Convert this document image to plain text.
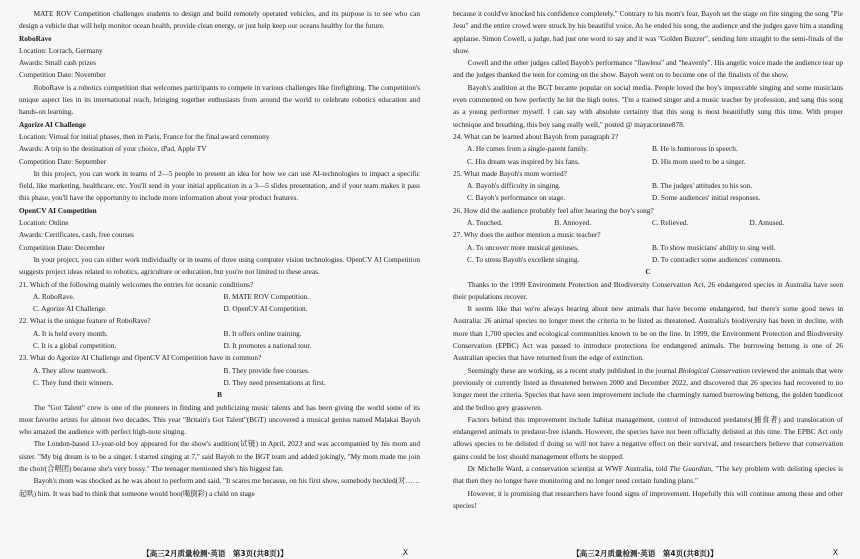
MATE ROV Competition challenges students to design and build remotely operated vehicles, and its purpose is to see who can design a vehicle that will help monitor ocean health, provide clean energy, or just help keep our oceans healthy for the future.

RoboRave

Location: Lorrach, Germany

Awards: Small cash prizes

Competition Date: November

RoboRave is a robotics competition that welcomes participants to compete in various challenges like firefighting. The competition's unique aspect lies in its international reach, bringing together enthusiasts from around the world to celebrate robotics education and hands-on learning.

Agorize AI Challenge

Location: Virtual for initial phases, then in Paris, France for the final award ceremony

Awards: A trip to the destination of your choice, iPad, Apple TV

Competition Date: September

In this project, you can work in teams of 2—5 people to present an idea for how we can use AI-technologies to impact a specific field, like marketing, healthcare, etc. You'll send in your initial application in a 3—5 slides presentation, and if your team makes it pass this phase, you'll have the opportunity to include more information about your product features.

OpenCV AI Competition

Location: Online

Awards: Certificates, cash, free courses

Competition Date: December

In your project, you can either work individually or in teams of three using computer vision technologies. OpenCV AI Competition suggests project ideas related to robotics, agriculture or education, but you're not limited to these areas.

21. Which of the following mainly welcomes the entries for oceanic conditions?

A. RoboRave.	B. MATE ROV Competition.
C. Agorize AI Challenge.	D. OpenCV AI Competition.

22. What is the unique feature of RoboRave?

A. It is held every month.	B. It offers online training.
C. It is a global competition.	D. It promotes a national tour.

23. What do Agorize AI Challenge and OpenCV AI Competition have in common?

A. They allow teamwork.	B. They provide free courses.
C. They fund their winners.	D. They need presentations at first.

B

The "Got Talent" crew is one of the pioneers in finding and publicizing music talents and has been giving the world some of its most favorite artists for almost two decades. This year "Britain's Got Talent"(BGT) uncovered a musical genius named Malakai Bayoh who amazed the audience with perfect high-note singing.

The London-based 13-year-old boy appeared for the show's audition(试镜) in April, 2023 and was accompanied by his mom and sister. "My big dream is to be a singer. I started singing at 7," said Bayoh to the BGT team and added jokingly, "My mom made me join the choir(合唱团) because she's very bossy." The teenager mentioned she's his biggest fan.

Bayoh's mom was shocked as he was about to perform and said, "It scares me because, on his first show, somebody heckled(对……起哄) him. It was bad to think that someone would boo(喝倒彩) a child on stage

【高三2月质量检测·英语　第3页(共8页)】	X

because it could've knocked his confidence completely." Contrary to his mom's fear, Bayoh set the stage on fire singing the song "Pie Jesu" and the entire crowd were struck by his beautiful voice. As he ended his song, the audience and the judges gave him a standing applause. Simon Cowell, a judge, had just one word to say and it was "Golden Buzzer", sending him straight to the semi-finals of the show.

Cowell and the other judges called Bayoh's performance "flawless" and "heavenly". His angelic voice made the audience tear up and the judges thanked the teen for coming on the show. Bayoh went on to become one of the finalists of the show.

Bayoh's audition at the BGT became popular on social media. People loved the boy's impeccable singing and some musicians even commented on how perfectly he hit the high notes. "I'm a trained singer and a music teacher by profession, and sang this song as a young performer myself. I can say with absolute certainty that this song is most beautifully sung this time. With proper technique and breathing, this boy sang really well," posted @ mayacorinne878.

24. What can be learned about Bayoh from paragraph 2?

A. He comes from a single-parent family.	B. He is humorous in speech.
C. His dream was inspired by his fans.	D. His mom used to be a singer.

25. What made Bayoh's mom worried?

A. Bayoh's difficulty in singing.	B. The judges' attitudes to his son.
C. Bayoh's performance on stage.	D. Some audiences' initial responses.

26. How did the audience probably feel after hearing the boy's song?

A. Touched.	B. Annoyed.	C. Relieved.	D. Amused.

27. Why does the author mention a music teacher?

A. To uncover more musical geniuses.	B. To show musicians' ability to sing well.
C. To stress Bayoh's excellent singing.	D. To contradict some audiences' comments.

C

Thanks to the 1999 Environment Protection and Biodiversity Conservation Act, 26 endangered species in Australia have seen their populations recover.

It seems like that we're always hearing about new animals that have become endangered, but there's some good news in Australia: 26 animal species no longer meet the criteria to be listed as threatened. Australia's biodiversity has been in decline, with more than 1,700 species and ecological communities known to be on the line. In 1999, the Environment Protection and Biodiversity Conservation (EPBC) Act was passed to introduce protections for endangered animals. The burrowing bettong is one of 26 Australian species that have returned from the edge of extinction.

Seemingly these are working, as a recent study published in the journal Biological Conservation reviewed the animals that were previously or currently listed as threatened between 2000 and December 2022, and discovered that 26 species had recovered to no longer meet the criteria. Species that have seen improvement include the charmingly named burrowing bettong, the golden bandicoot and the bulloo grey grasswren.

Factors behind this improvement include habitat management, control of introduced predators(捕食者) and translocation of endangered animals to predator-free islands. However, the species have not been officially delisted at this time. The EPBC Act only allows species to be delisted if doing so will not have a negative effect on their survival, and researchers believe that conservation gains could be lost should management efforts be stopped.

Dr Michelle Ward, a conservation scientist at WWF Australia, told The Guardian, "The key problem with delisting species is that then they no longer have monitoring and no longer need certain funding plans."

However, it is promising that researchers have found signs of improvement. Hopefully this will continue among these and other species!

【高三2月质量检测·英语　第4页(共8页)】	X
